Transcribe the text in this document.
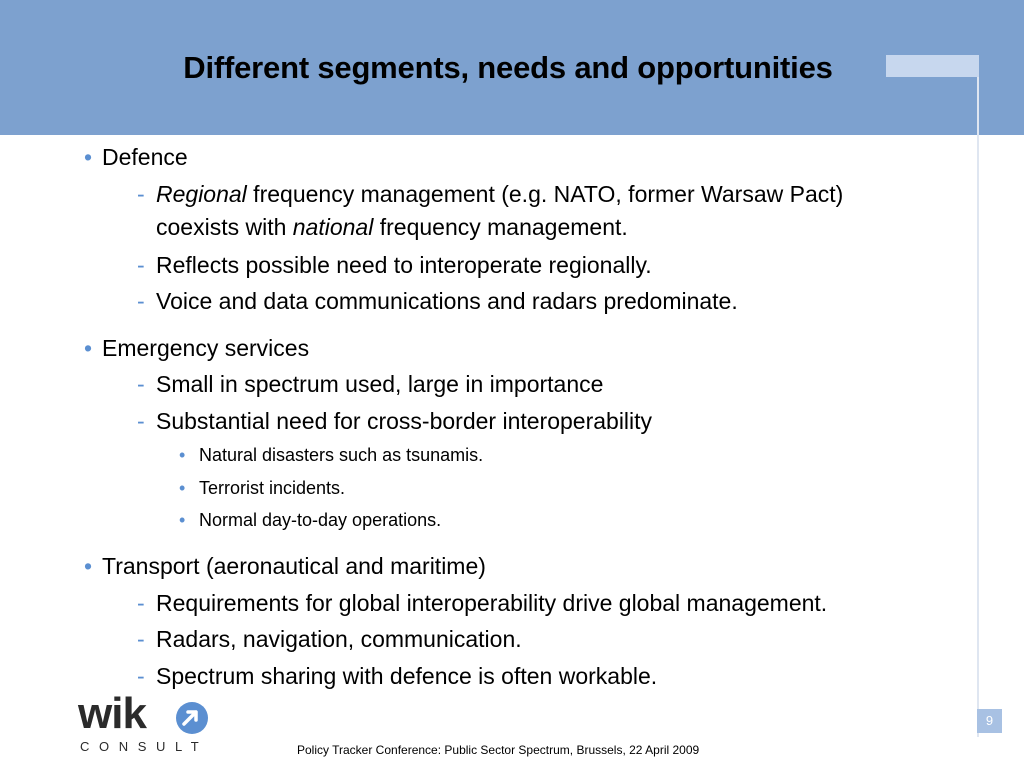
Different segments, needs and opportunities
• Defence
- Regional frequency management (e.g. NATO, former Warsaw Pact)
coexists with national frequency management.
- Reflects possible need to interoperate regionally.
- Voice and data communications and radars predominate.
• Emergency services
- Small in spectrum used, large in importance
- Substantial need for cross-border interoperability
• Natural disasters such as tsunamis.
• Terrorist incidents.
• Normal day-to-day operations.
• Transport (aeronautical and maritime)
- Requirements for global interoperability drive global management.
- Radars, navigation, communication.
- Spectrum sharing with defence is often workable.
wik
CONSULT	Policy Tracker Conference: Public Sector Spectrum, Brussels, 22 April 2009
9
